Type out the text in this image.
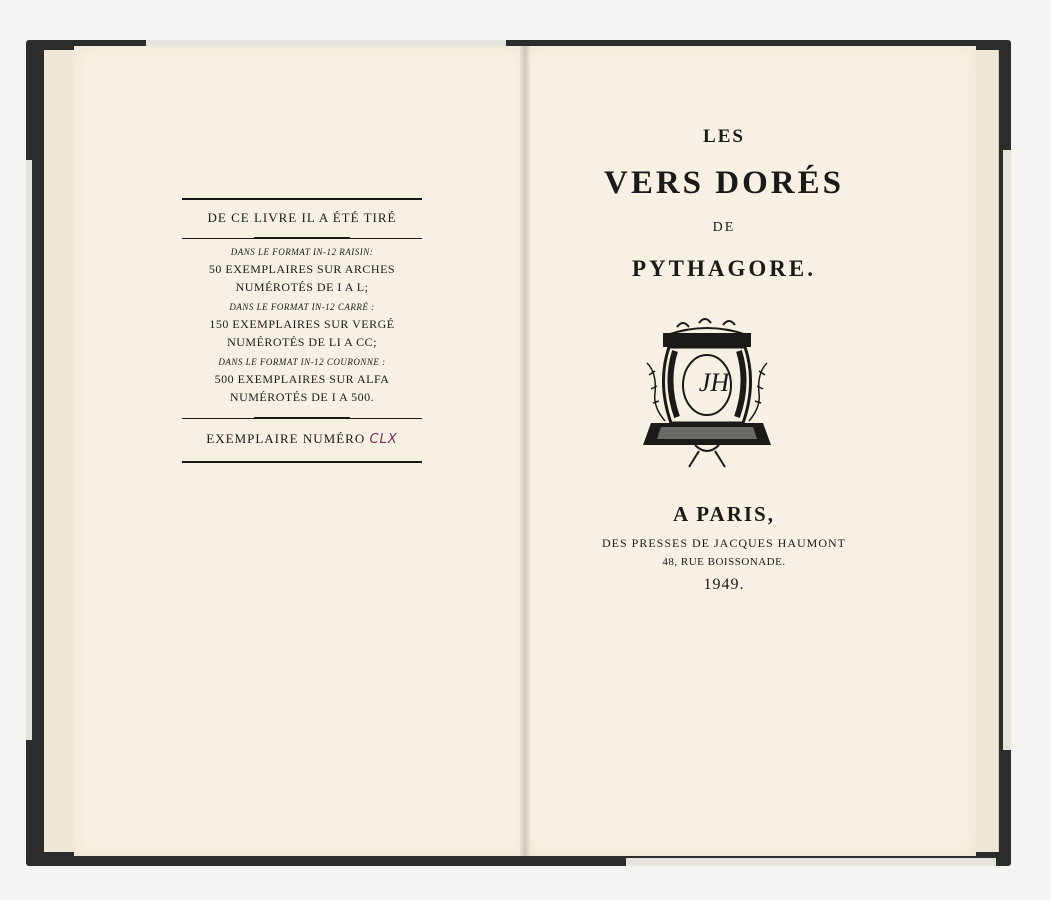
DE CE LIVRE IL A ÉTÉ TIRÉ
DANS LE FORMAT IN-12 RAISIN:
50 EXEMPLAIRES SUR ARCHES
NUMÉROTÉS DE I A L;
DANS LE FORMAT IN-12 CARRÉ :
150 EXEMPLAIRES SUR VERGÉ
NUMÉROTÉS DE LI A CC;
DANS LE FORMAT IN-12 COURONNE :
500 EXEMPLAIRES SUR ALFA
NUMÉROTÉS DE I A 500.
EXEMPLAIRE NUMÉRO CLX
LES
VERS DORÉS
DE
PYTHAGORE.
JH
A PARIS,
DES PRESSES DE JACQUES HAUMONT
48, RUE BOISSONADE.
1949.
